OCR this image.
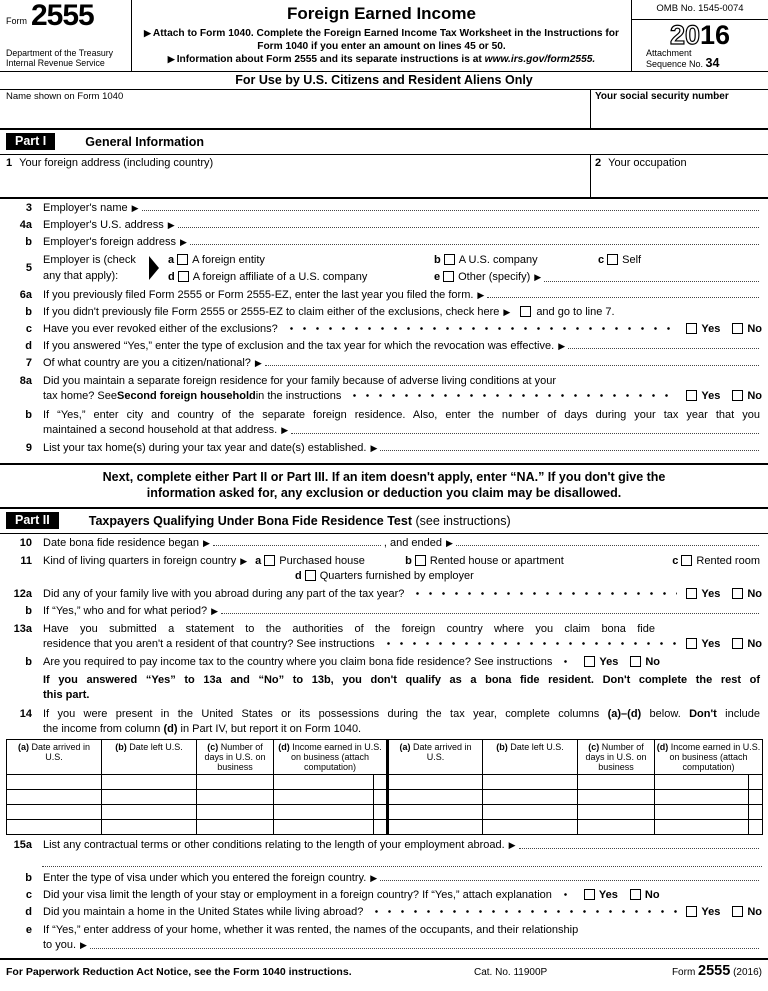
Form 2555
Department of the Treasury
Internal Revenue Service
Foreign Earned Income
▶Attach to Form 1040. Complete the Foreign Earned Income Tax Worksheet in the Instructions for Form 1040 if you enter an amount on lines 45 or 50.
▶Information about Form 2555 and its separate instructions is at www.irs.gov/form2555.
OMB No. 1545-0074
2016
Attachment
Sequence No. 34
For Use by U.S. Citizens and Resident Aliens Only
Name shown on Form 1040	Your social security number
Part I	General Information
1 Your foreign address (including country)	2 Your occupation
3 Employer's name
▶
4a Employer's U.S. address
▶
b Employer's foreign address
▶
5
Employer is (check
any that apply):
a A foreign entity	b A U.S. company	c Self
d A foreign affiliate of a U.S. company	e Other (specify)
▶
6a If you previously filed Form 2555 or Form 2555-EZ, enter the last year you filed the form.
▶
b If you didn't previously file Form 2555 or 2555-EZ to claim either of the exclusions, check here ▶	and go to line 7.
c Have you ever revoked either of the exclusions?	Yes No
d If you answered “Yes,” enter the type of exclusion and the tax year for which the revocation was effective.
▶
7 Of what country are you a citizen/national?
▶
8a Did you maintain a separate foreign residence for your family because of adverse living conditions at your
tax home? See Second foreign household in the instructions	Yes No
b If “Yes,” enter city and country of the separate foreign residence. Also, enter the number of days during your tax year that you
maintained a second household at that address.
▶
9 List your tax home(s) during your tax year and date(s) established.
▶
Next, complete either Part II or Part III. If an item doesn't apply, enter “NA.” If you don't give the information asked for, any exclusion or deduction you claim may be disallowed.
Part II	Taxpayers Qualifying Under Bona Fide Residence Test (see instructions)
10 Date bona fide residence began ▶	, and ended
▶
11 Kind of living quarters in foreign country ▶ a Purchased house	b Rented house or apartment	c Rented room
d Quarters furnished by employer
12a Did any of your family live with you abroad during any part of the tax year?	Yes No
b If “Yes,” who and for what period?
▶
13a Have you submitted a statement to the authorities of the foreign country where you claim bona fide
residence that you aren't a resident of that country? See instructions	Yes No
b Are you required to pay income tax to the country where you claim bona fide residence? See instructions	Yes No
If you answered “Yes” to 13a and “No” to 13b, you don't qualify as a bona fide resident. Don't complete the rest of
this part.
14 If you were present in the United States or its possessions during the tax year, complete columns (a)–(d) below. Don't include
the income from column (d) in Part IV, but report it on Form 1040.
(a) Date arrived in U.S.	(b) Date left U.S.	(c) Number of days in U.S. on business	(d) Income earned in U.S. on business (attach computation)		(a) Date arrived in U.S.	(b) Date left U.S.	(c) Number of days in U.S. on business	(d) Income earned in U.S. on business (attach computation)	

15a List any contractual terms or other conditions relating to the length of your employment abroad.
▶
b Enter the type of visa under which you entered the foreign country.
▶
c Did your visa limit the length of your stay or employment in a foreign country? If “Yes,” attach explanation	Yes No
d Did you maintain a home in the United States while living abroad?	Yes No
e If “Yes,” enter address of your home, whether it was rented, the names of the occupants, and their relationship
to you.
▶
For Paperwork Reduction Act Notice, see the Form 1040 instructions.	Cat. No. 11900P	Form 2555 (2016)
